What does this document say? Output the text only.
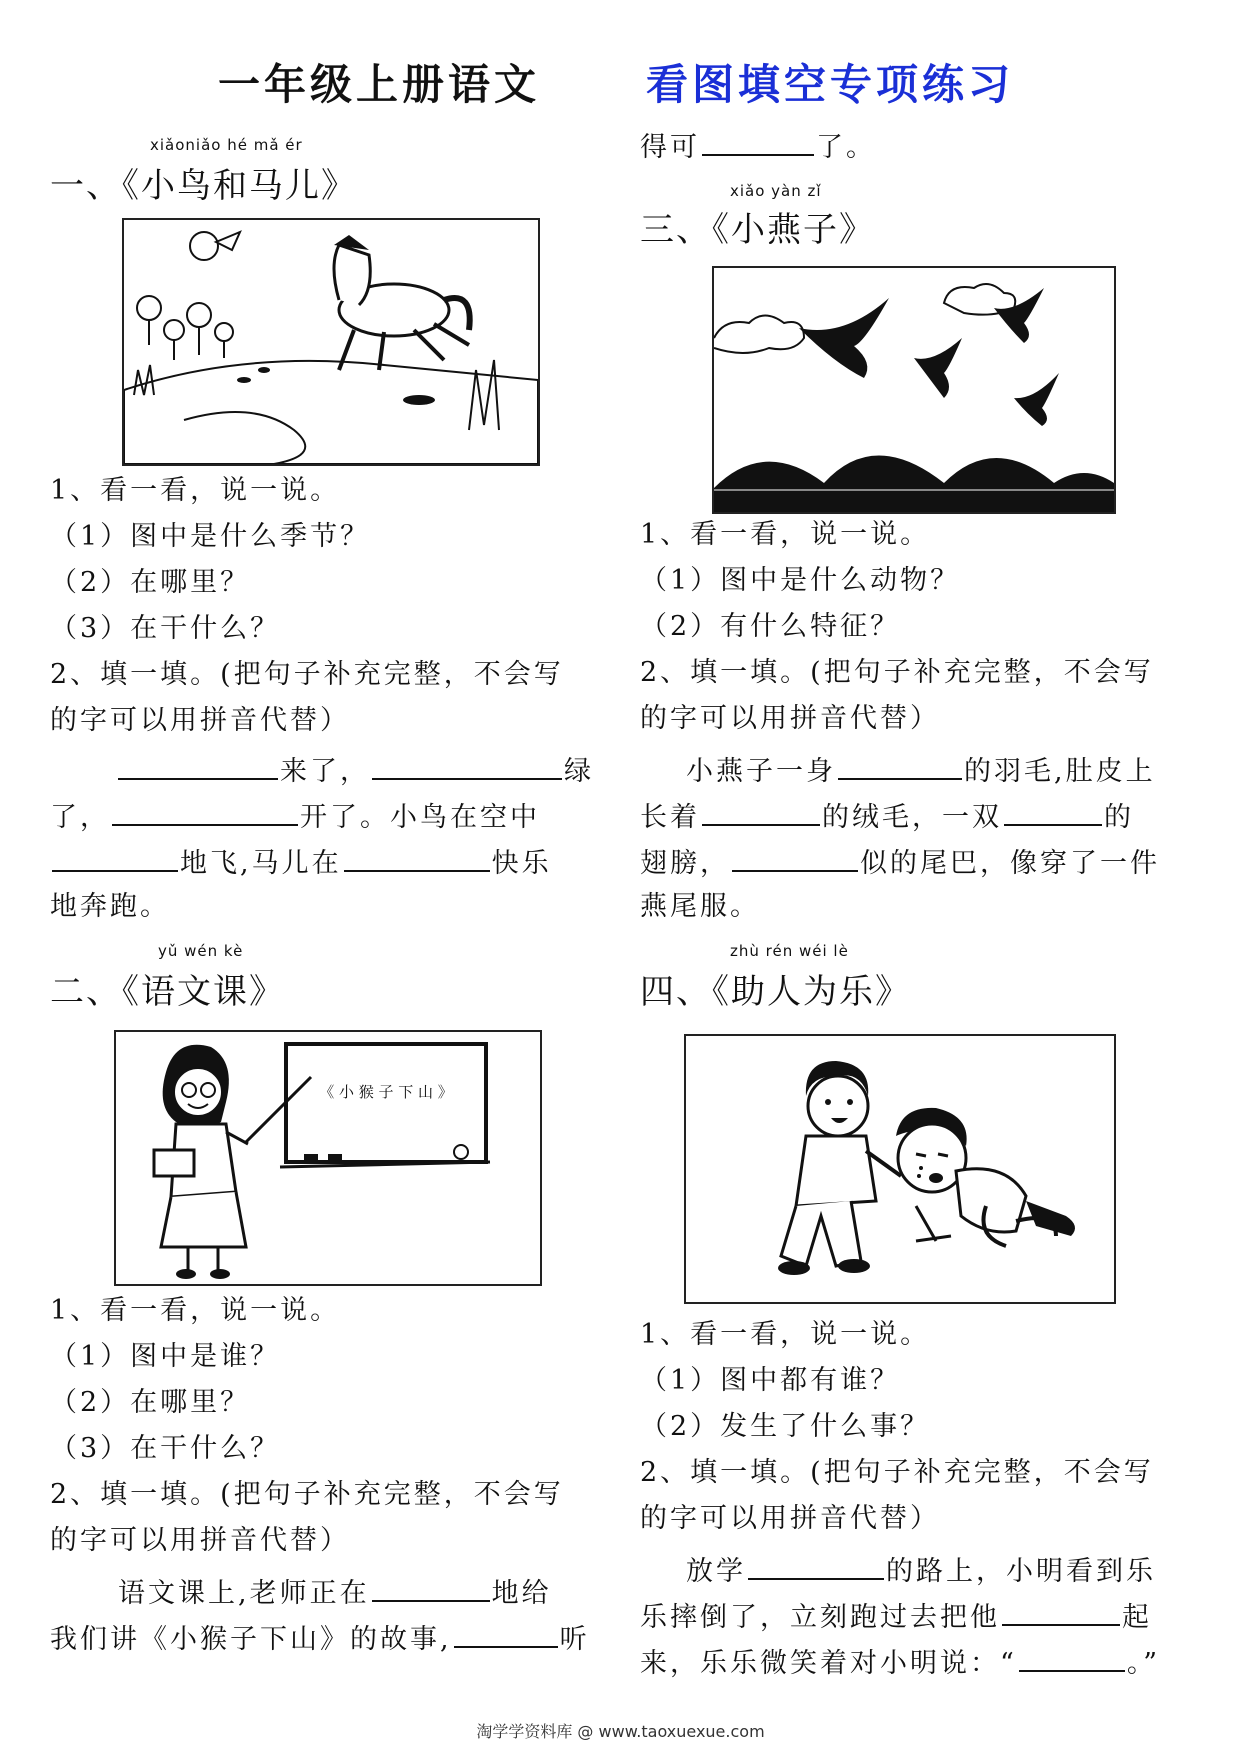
一年级上册语文	看图填空专项练习
xiǎoniǎo hé mǎ ér
一、《小鸟和马儿》
1、看一看，说一说。
（1）图中是什么季节？
（2）在哪里？
（3）在干什么？
2、填一填。(把句子补充完整，不会写
的字可以用拼音代替）
来了，	绿
了，	开了。小鸟在空中
地飞,马儿在	快乐
地奔跑。
yǔ wén kè
二、《语文课》
《 小 猴 子 下 山 》
1、看一看，说一说。
（1）图中是谁？
（2）在哪里？
（3）在干什么？
2、填一填。(把句子补充完整，不会写
的字可以用拼音代替）
语文课上,老师正在	地给
我们讲《小猴子下山》的故事,	听
得可	了。
xiǎo yàn zǐ
三、《小燕子》
1、看一看，说一说。
（1）图中是什么动物？
（2）有什么特征？
2、填一填。(把句子补充完整，不会写
的字可以用拼音代替）
小燕子一身	的羽毛,肚皮上
长着	的绒毛，一双	的
翅膀，	似的尾巴，像穿了一件
燕尾服。
zhù rén wéi lè
四、《助人为乐》
1、看一看，说一说。
（1）图中都有谁？
（2）发生了什么事？
2、填一填。(把句子补充完整，不会写
的字可以用拼音代替）
放学	的路上，小明看到乐
乐摔倒了，立刻跑过去把他	起
来，乐乐微笑着对小明说：“	。”
淘学学资料库 @ www.taoxuexue.com
